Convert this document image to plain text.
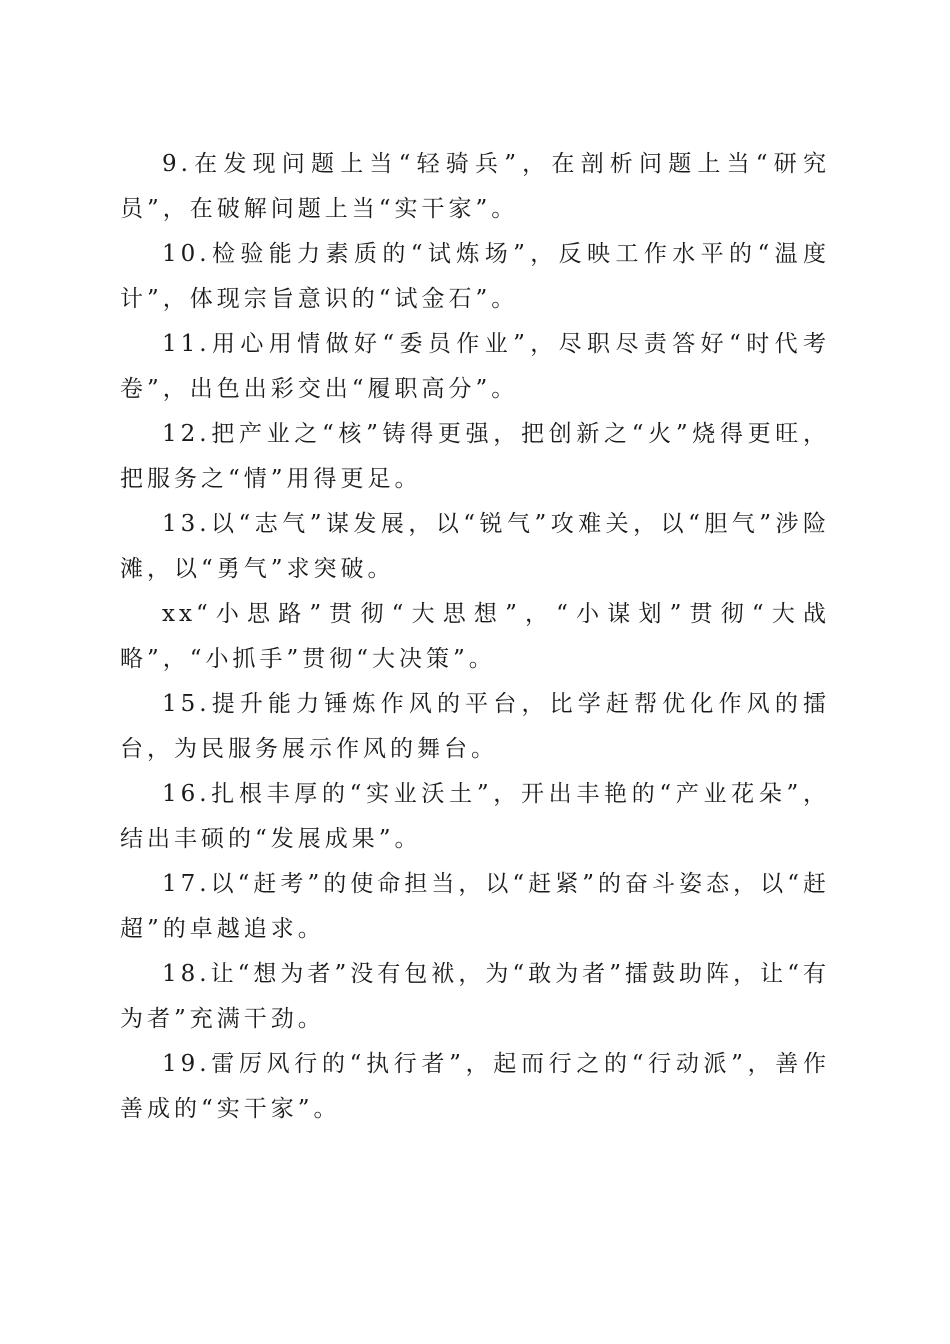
9.在发现问题上当“轻骑兵”，在剖析问题上当“研究员”，在破解问题上当“实干家”。

10.检验能力素质的“试炼场”，反映工作水平的“温度计”，体现宗旨意识的“试金石”。

11.用心用情做好“委员作业”，尽职尽责答好“时代考卷”，出色出彩交出“履职高分”。

12.把产业之“核”铸得更强，把创新之“火”烧得更旺，把服务之“情”用得更足。

13.以“志气”谋发展，以“锐气”攻难关，以“胆气”涉险滩，以“勇气”求突破。

xx“小思路”贯彻“大思想”，“小谋划”贯彻“大战略”，“小抓手”贯彻“大决策”。

15.提升能力锤炼作风的平台，比学赶帮优化作风的擂台，为民服务展示作风的舞台。

16.扎根丰厚的“实业沃土”，开出丰艳的“产业花朵”，结出丰硕的“发展成果”。

17.以“赶考”的使命担当，以“赶紧”的奋斗姿态，以“赶超”的卓越追求。

18.让“想为者”没有包袱，为“敢为者”擂鼓助阵，让“有为者”充满干劲。

19.雷厉风行的“执行者”，起而行之的“行动派”，善作善成的“实干家”。
